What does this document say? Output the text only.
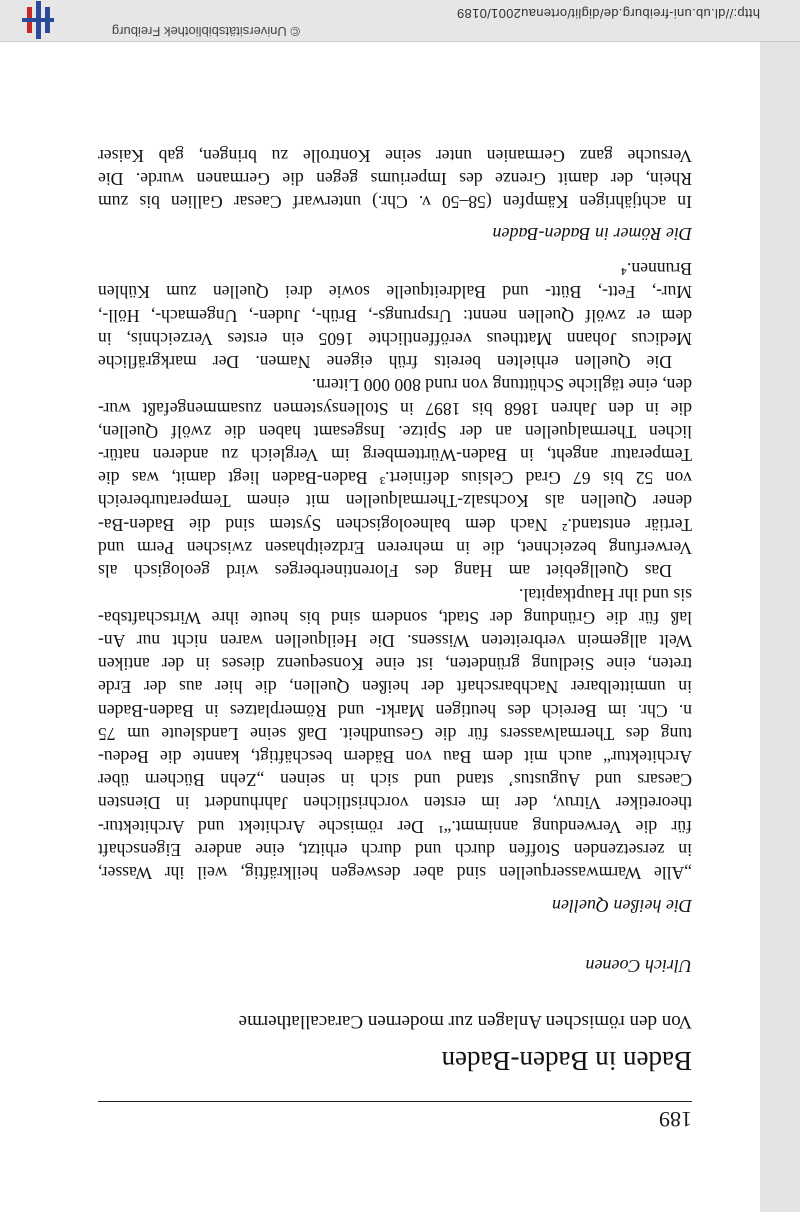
189
Baden in Baden-Baden
Von den römischen Anlagen zur modernen Caracallatherme
Ulrich Coenen
Die heißen Quellen
„Alle Warmwasserquellen sind aber deswegen heilkräftig, weil ihr Wasser,
in zersetzenden Stoffen durch und durch erhitzt, eine andere Eigenschaft
für die Verwendung annimmt.“¹ Der römische Architekt und Architektur-
theoretiker Vitruv, der im ersten vorchristlichen Jahrhundert in Diensten
Caesars und Augustus’ stand und sich in seinen „Zehn Büchern über
Architektur“ auch mit dem Bau von Bädern beschäftigt, kannte die Bedeu-
tung des Thermalwassers für die Gesundheit. Daß seine Landsleute um 75
n. Chr. im Bereich des heutigen Markt- und Römerplatzes in Baden-Baden
in unmittelbarer Nachbarschaft der heißen Quellen, die hier aus der Erde
treten, eine Siedlung gründeten, ist eine Konsequenz dieses in der antiken
Welt allgemein verbreiteten Wissens. Die Heilquellen waren nicht nur An-
laß für die Gründung der Stadt, sondern sind bis heute ihre Wirtschaftsba-
sis und ihr Hauptkapital.
Das Quellgebiet am Hang des Florentinerberges wird geologisch als
Verwerfung bezeichnet, die in mehreren Erdzeitphasen zwischen Perm und
Tertiär entstand.² Nach dem balneologischen System sind die Baden-Ba-
dener Quellen als Kochsalz-Thermalquellen mit einem Temperaturbereich
von 52 bis 67 Grad Celsius definiert.³ Baden-Baden liegt damit, was die
Temperatur angeht, in Baden-Württemberg im Vergleich zu anderen natür-
lichen Thermalquellen an der Spitze. Insgesamt haben die zwölf Quellen,
die in den Jahren 1868 bis 1897 in Stollensystemen zusammengefaßt wur-
den, eine tägliche Schüttung von rund 800 000 Litern.
Die Quellen erhielten bereits früh eigene Namen. Der markgräfliche
Medicus Johann Mattheus veröffentlichte 1605 ein erstes Verzeichnis, in
dem er zwölf Quellen nennt: Ursprungs-, Brüh-, Juden-, Ungemach-, Höll-,
Mur-, Fett-, Bütt- und Baldreitquelle sowie drei Quellen zum Kühlen
Brunnen.⁴
Die Römer in Baden-Baden
In achtjährigen Kämpfen (58–50 v. Chr.) unterwarf Caesar Gallien bis zum
Rhein, der damit Grenze des Imperiums gegen die Germanen wurde. Die
Versuche ganz Germanien unter seine Kontrolle zu bringen, gab Kaiser
© Universitätsbibliothek Freiburg
http://dl.ub.uni-freiburg.de/diglit/ortenau2001/0189
